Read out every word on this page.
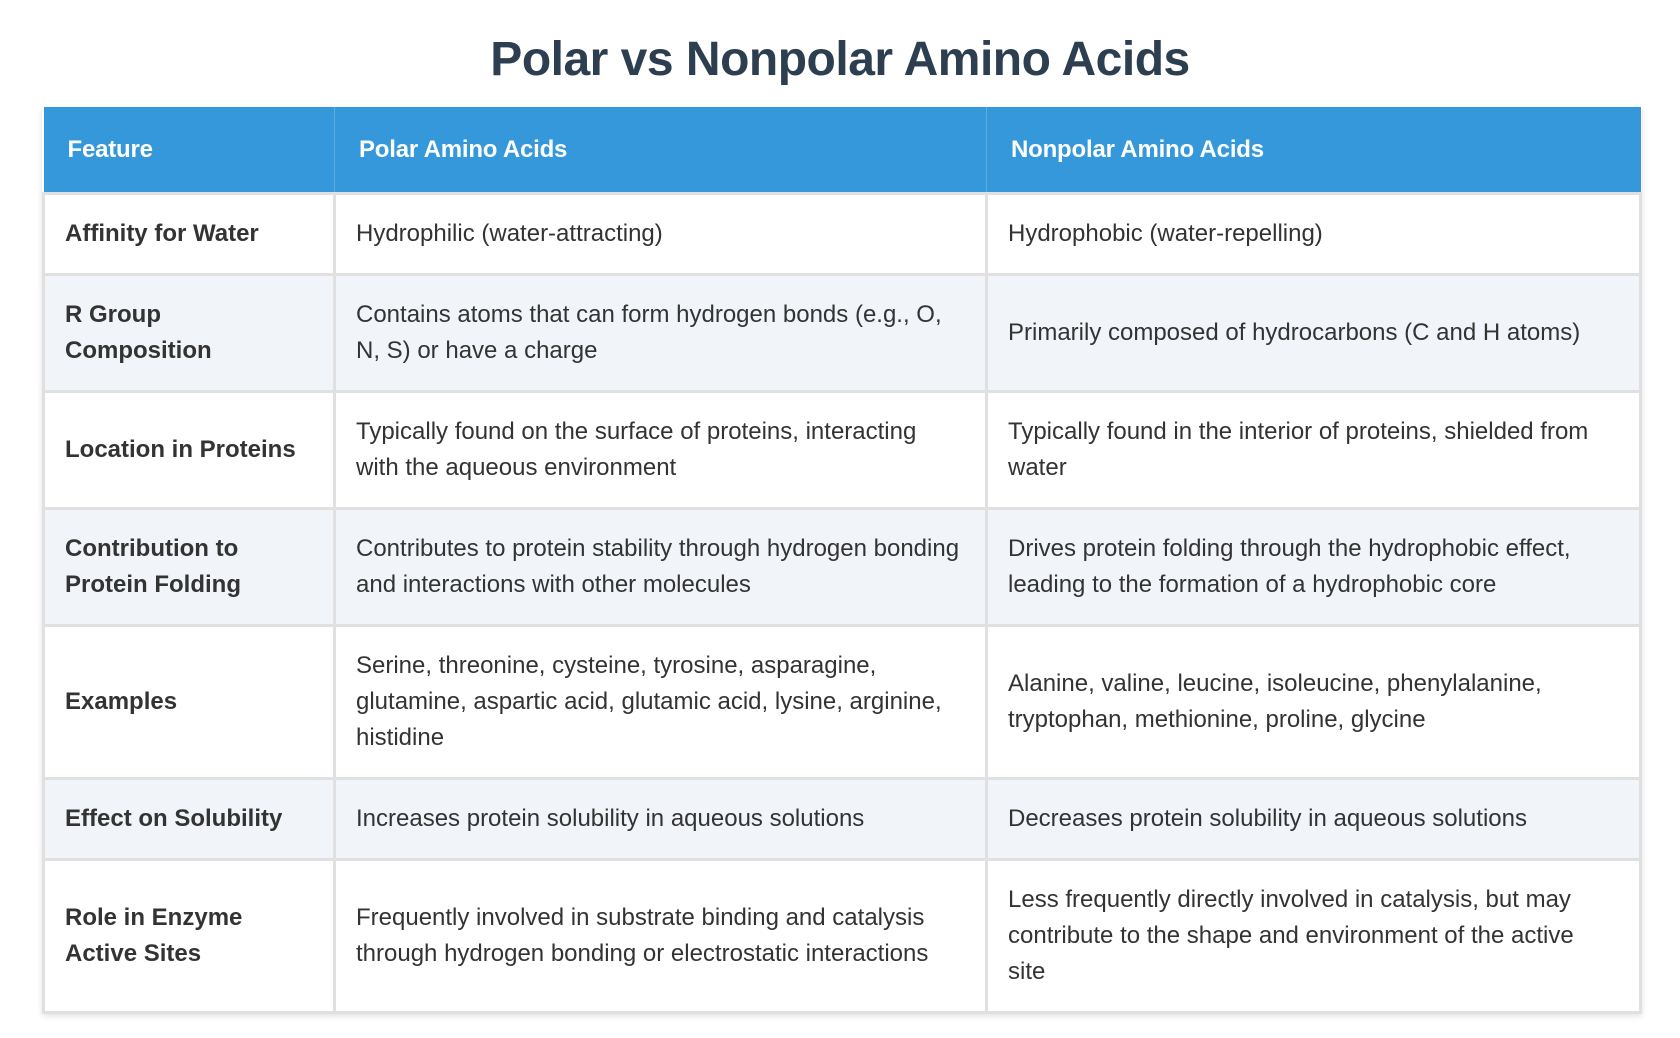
Polar vs Nonpolar Amino Acids
Feature	Polar Amino Acids	Nonpolar Amino Acids
Affinity for Water	Hydrophilic (water-attracting)	Hydrophobic (water-repelling)
R Group Composition	Contains atoms that can form hydrogen bonds (e.g., O, N, S) or have a charge	Primarily composed of hydrocarbons (C and H atoms)
Location in Proteins	Typically found on the surface of proteins, interacting with the aqueous environment	Typically found in the interior of proteins, shielded from water
Contribution to Protein Folding	Contributes to protein stability through hydrogen bonding and interactions with other molecules	Drives protein folding through the hydrophobic effect, leading to the formation of a hydrophobic core
Examples	Serine, threonine, cysteine, tyrosine, asparagine, glutamine, aspartic acid, glutamic acid, lysine, arginine, histidine	Alanine, valine, leucine, isoleucine, phenylalanine, tryptophan, methionine, proline, glycine
Effect on Solubility	Increases protein solubility in aqueous solutions	Decreases protein solubility in aqueous solutions
Role in Enzyme Active Sites	Frequently involved in substrate binding and catalysis through hydrogen bonding or electrostatic interactions	Less frequently directly involved in catalysis, but may contribute to the shape and environment of the active site
